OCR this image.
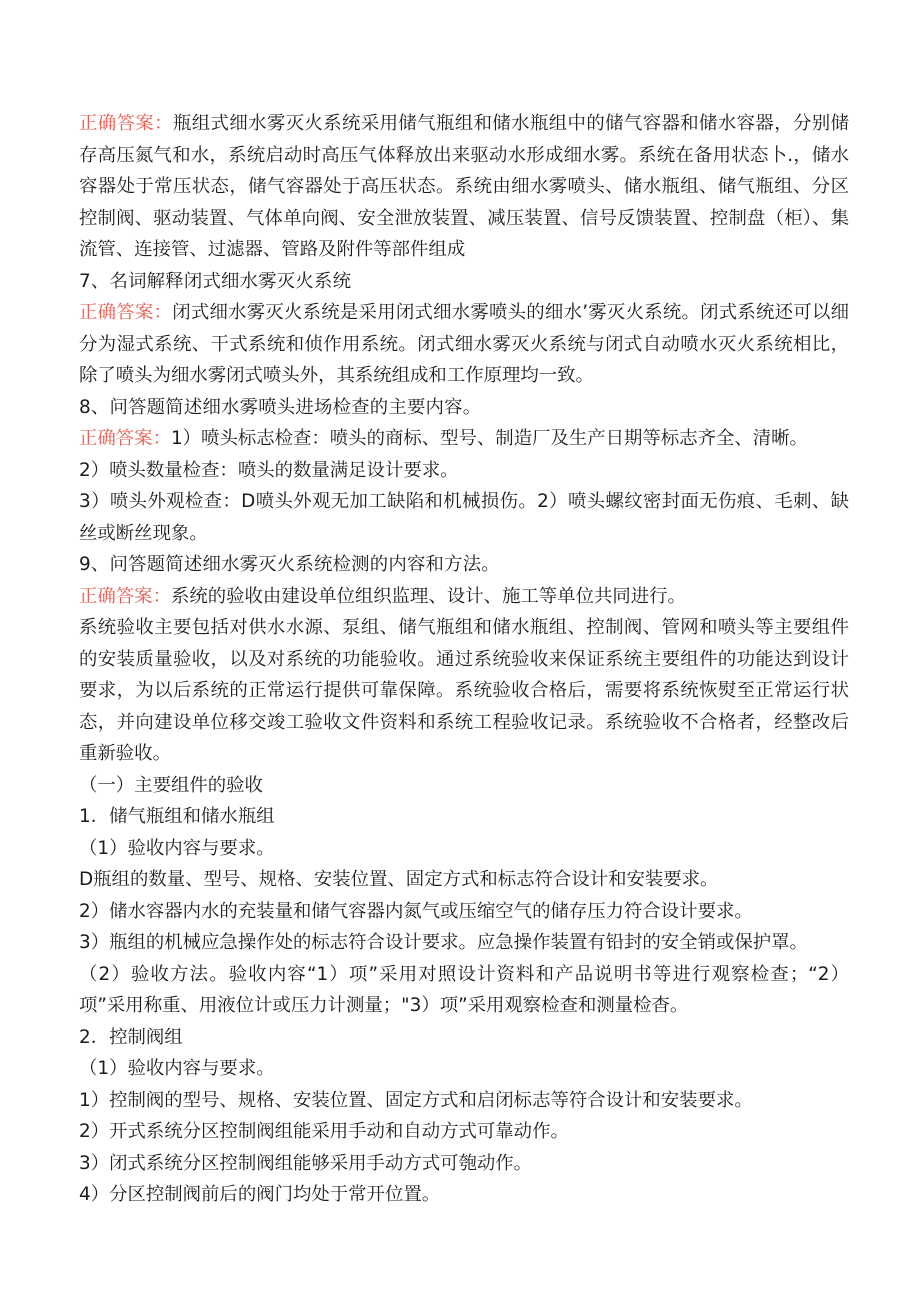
正确答案：瓶组式细水雾灭火系统采用储气瓶组和储水瓶组中的储气容器和储水容器，分别储存高压氮气和水，系统启动时高压气体释放出来驱动水形成细水雾。系统在备用状态卜.，储水容器处于常压状态，储气容器处于高压状态。系统由细水雾喷头、储水瓶组、储气瓶组、分区控制阀、驱动装置、气体单向阀、安全泄放装置、减压装置、信号反馈装置、控制盘（柜）、集流管、连接管、过滤器、管路及附件等部件组成

7、名词解释闭式细水雾灭火系统

正确答案：闭式细水雾灭火系统是采用闭式细水雾喷头的细水’雾灭火系统。闭式系统还可以细分为湿式系统、干式系统和侦作用系统。闭式细水雾灭火系统与闭式自动喷水灭火系统相比，除了喷头为细水雾闭式喷头外，其系统组成和工作原理均一致。

8、问答题简述细水雾喷头进场检查的主要内容。

正确答案：1）喷头标志检查：喷头的商标、型号、制造厂及生产日期等标志齐全、清晰。

2）喷头数量检查：喷头的数量满足设计要求。

3）喷头外观检查：D喷头外观无加工缺陷和机械损伤。2）喷头螺纹密封面无伤痕、毛刺、缺丝或断丝现象。

9、问答题简述细水雾灭火系统检测的内容和方法。

正确答案：系统的验收由建设单位组织监理、设计、施工等单位共同进行。

系统验收主要包括对供水水源、泵组、储气瓶组和储水瓶组、控制阀、管网和喷头等主要组件的安装质量验收，以及对系统的功能验收。通过系统验收来保证系统主要组件的功能达到设计要求，为以后系统的正常运行提供可靠保障。系统验收合格后，需要将系统恢熨至正常运行状态，并向建设单位移交竣工验收文件资料和系统工程验收记录。系统验收不合格者，经整改后重新验收。

（一）主要组件的验收

1．储气瓶组和储水瓶组

（1）验收内容与要求。

D瓶组的数量、型号、规格、安装位置、固定方式和标志符合设计和安装要求。

2）储水容器内水的充装量和储气容器内氮气或压缩空气的储存压力符合设计要求。

3）瓶组的机械应急操作处的标志符合设计要求。应急操作装置有铅封的安全销或保护罩。

（2）验收方法。验收内容“1）项”采用对照设计资料和产品说明书等进行观察检查；“2）项”采用称重、用液位计或压力计测量；"3）项”采用观察检查和测量检杳。

2．控制阀组

（1）验收内容与要求。

1）控制阀的型号、规格、安装位置、固定方式和启闭标志等符合设计和安装要求。

2）开式系统分区控制阀组能采用手动和自动方式可靠动作。

3）闭式系统分区控制阀组能够采用手动方式可匏动作。

4）分区控制阀前后的阀门均处于常开位置。
